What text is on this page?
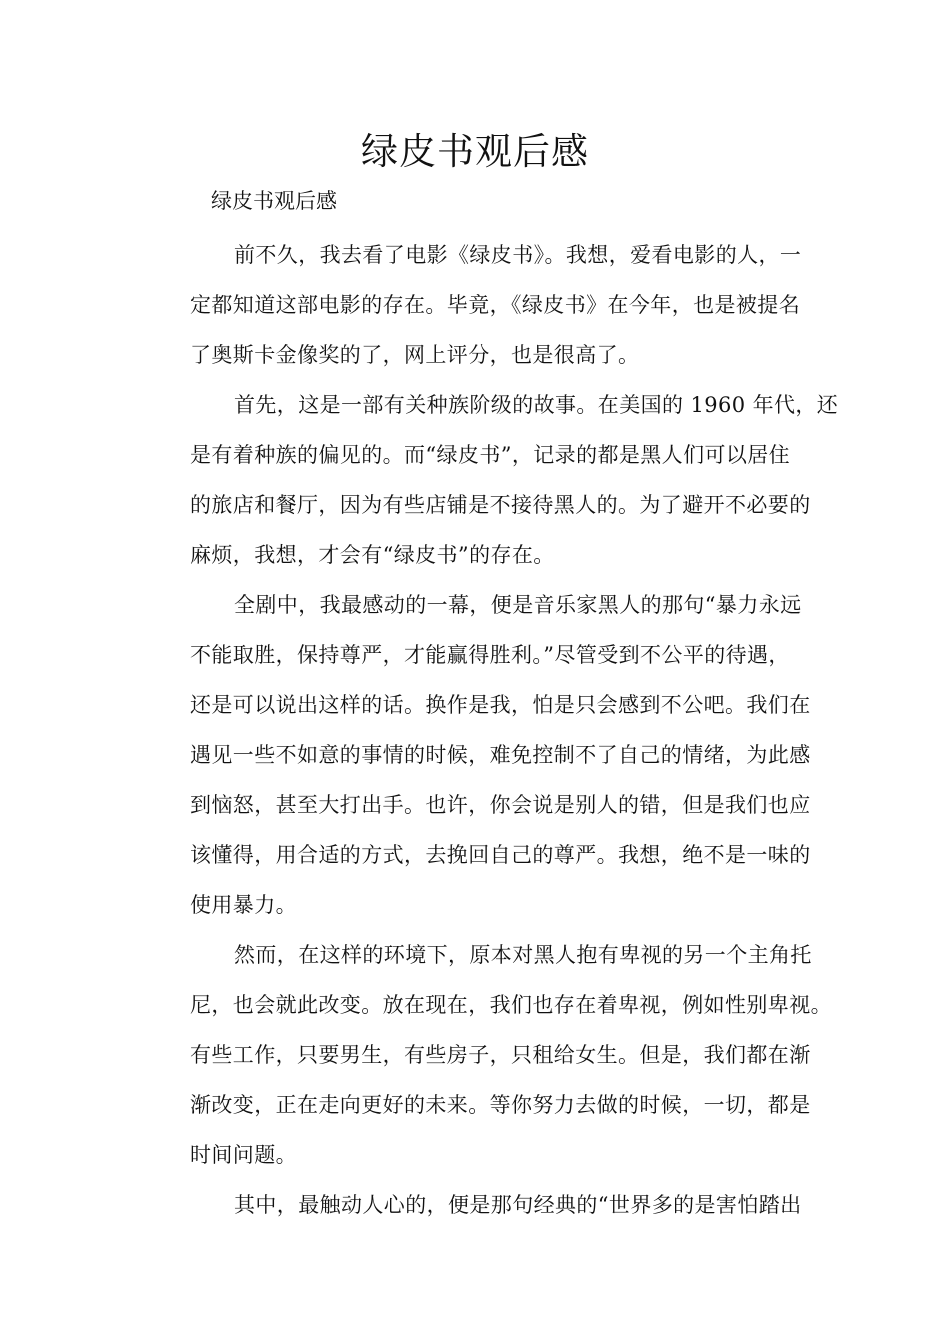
绿皮书观后感
绿皮书观后感
前不久，我去看了电影《绿皮书》。我想，爱看电影的人，一
定都知道这部电影的存在。毕竟，《绿皮书》在今年，也是被提名
了奥斯卡金像奖的了，网上评分，也是很高了。
首先，这是一部有关种族阶级的故事。在美国的 1960 年代，还
是有着种族的偏见的。而“绿皮书”，记录的都是黑人们可以居住
的旅店和餐厅，因为有些店铺是不接待黑人的。为了避开不必要的
麻烦，我想，才会有“绿皮书”的存在。
全剧中，我最感动的一幕，便是音乐家黑人的那句“暴力永远
不能取胜，保持尊严，才能赢得胜利。”尽管受到不公平的待遇，
还是可以说出这样的话。换作是我，怕是只会感到不公吧。我们在
遇见一些不如意的事情的时候，难免控制不了自己的情绪，为此感
到恼怒，甚至大打出手。也许，你会说是别人的错，但是我们也应
该懂得，用合适的方式，去挽回自己的尊严。我想，绝不是一味的
使用暴力。
然而，在这样的环境下，原本对黑人抱有卑视的另一个主角托
尼，也会就此改变。放在现在，我们也存在着卑视，例如性别卑视。
有些工作，只要男生，有些房子，只租给女生。但是，我们都在渐
渐改变，正在走向更好的未来。等你努力去做的时候，一切，都是
时间问题。
其中，最触动人心的，便是那句经典的“世界多的是害怕踏出
